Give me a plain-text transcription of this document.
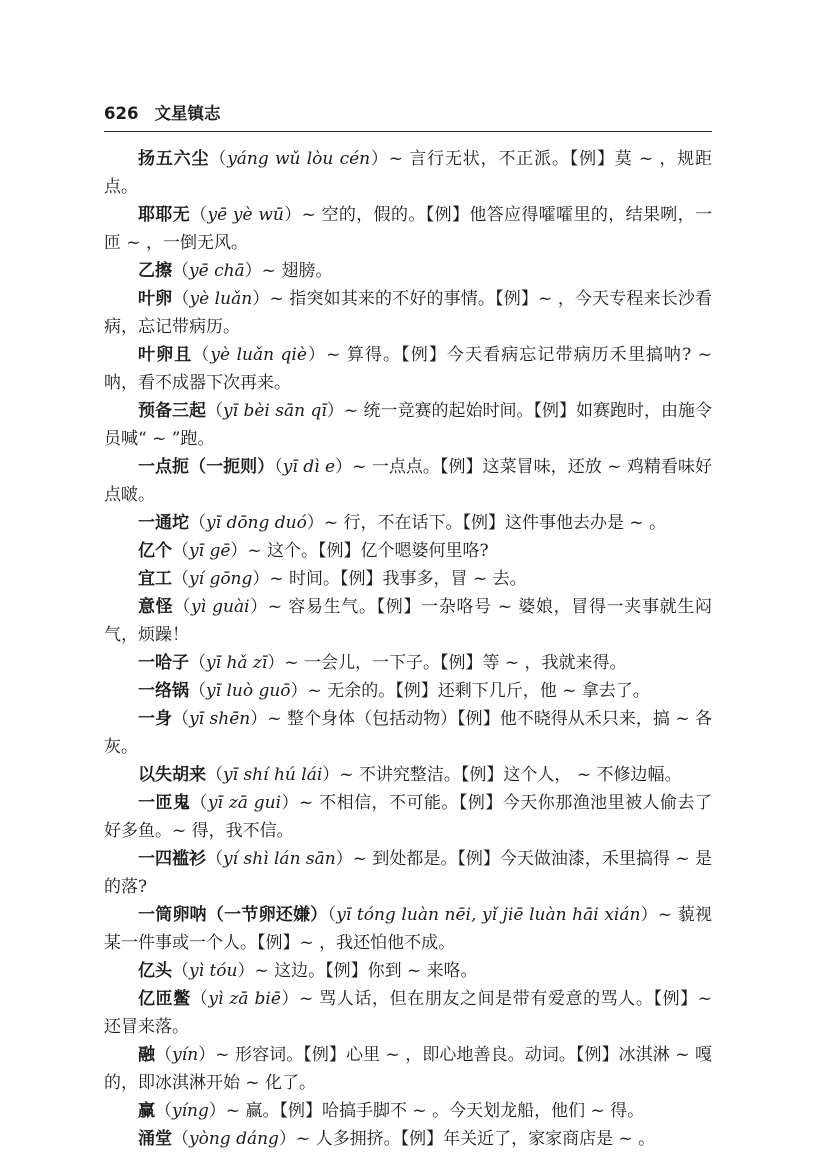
626 文星镇志

扬五六尘（yáng wǔ lòu cén）~ 言行无状，不正派。【例】莫 ~ ，规距点。

耶耶无（yē yè wū）~ 空的，假的。【例】他答应得嚯嚯里的，结果咧，一匝 ~ ，一倒无风。

乙擦（yē chā）~ 翅膀。

叶卵（yè luǎn）~ 指突如其来的不好的事情。【例】~ ，今天专程来长沙看病，忘记带病历。

叶卵且（yè luǎn qiè）~ 算得。【例】今天看病忘记带病历禾里搞呐? ~ 呐，看不成器下次再来。

预备三起（yī bèi sān qī）~ 统一竞赛的起始时间。【例】如赛跑时，由施令员喊“ ~ ”跑。

一点扼（一扼则）（yī dì e）~ 一点点。【例】这菜冒味，还放 ~ 鸡精看味好点啵。

一通坨（yī dōng duó）~ 行，不在话下。【例】这件事他去办是 ~ 。

亿个（yī gē）~ 这个。【例】亿个嗯婆何里咯?

宜工（yí gōng）~ 时间。【例】我事多，冒 ~ 去。

意怪（yì guài）~ 容易生气。【例】一杂咯号 ~ 婆娘，冒得一夹事就生闷气，烦躁！

一哈子（yī hǎ zī）~ 一会儿，一下子。【例】等 ~ ，我就来得。

一络锅（yī luò guō）~ 无余的。【例】还剩下几斤，他 ~ 拿去了。

一身（yī shēn）~ 整个身体（包括动物）【例】他不晓得从禾只来，搞 ~ 各灰。

以失胡来（yī shí hú lái）~ 不讲究整洁。【例】这个人， ~ 不修边幅。

一匝鬼（yī zā gui）~ 不相信，不可能。【例】今天你那渔池里被人偷去了好多鱼。~ 得，我不信。

一四褴衫（yí shì lán sān）~ 到处都是。【例】今天做油漆，禾里搞得 ~ 是的落?

一筒卵呐（一节卵还嫌）（yī tóng luàn nēi, yǐ jiē luàn hāi xián）~ 藐视某一件事或一个人。【例】~ ，我还怕他不成。

亿头（yì tóu）~ 这边。【例】你到 ~ 来咯。

亿匝鳖（yì zā biē）~ 骂人话，但在朋友之间是带有爱意的骂人。【例】~ 还冒来落。

融（yín）~ 形容词。【例】心里 ~ ，即心地善良。动词。【例】冰淇淋 ~ 嘎的，即冰淇淋开始 ~ 化了。

赢（yíng）~ 赢。【例】哈搞手脚不 ~ 。今天划龙船，他们 ~ 得。

涌堂（yòng dáng）~ 人多拥挤。【例】年关近了，家家商店是 ~ 。
